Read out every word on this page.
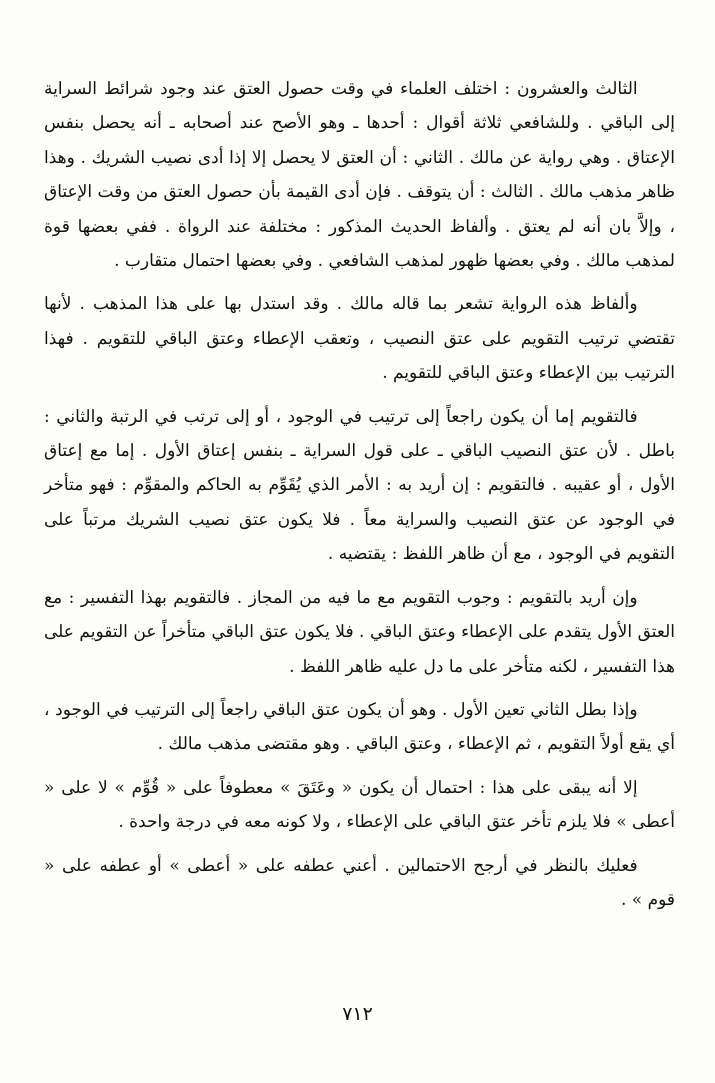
الثالث والعشرون : اختلف العلماء في وقت حصول العتق عند وجود شرائط السراية إلى الباقي . وللشافعي ثلاثة أقوال : أحدها ـ وهو الأصح عند أصحابه ـ أنه يحصل بنفس الإعتاق . وهي رواية عن مالك . الثاني : أن العتق لا يحصل إلا إذا أدى نصيب الشريك . وهذا ظاهر مذهب مالك . الثالث : أن يتوقف . فإن أدى القيمة بأن حصول العتق من وقت الإعتاق ، وإلاَّ بان أنه لم يعتق . وألفاظ الحديث المذكور : مختلفة عند الرواة . ففي بعضها قوة لمذهب مالك . وفي بعضها ظهور لمذهب الشافعي . وفي بعضها احتمال متقارب .

وألفاظ هذه الرواية تشعر بما قاله مالك . وقد استدل بها على هذا المذهب . لأنها تقتضي ترتيب التقويم على عتق النصيب ، وتعقب الإعطاء وعتق الباقي للتقويم . فهذا الترتيب بين الإعطاء وعتق الباقي للتقويم .

فالتقويم إما أن يكون راجعاً إلى ترتيب في الوجود ، أو إلى ترتب في الرتبة والثاني : باطل . لأن عتق النصيب الباقي ـ على قول السراية ـ بنفس إعتاق الأول . إما مع إعتاق الأول ، أو عقيبه . فالتقويم : إن أريد به : الأمر الذي يُقَوِّم به الحاكم والمقوِّم : فهو متأخر في الوجود عن عتق النصيب والسراية معاً . فلا يكون عتق نصيب الشريك مرتباً على التقويم في الوجود ، مع أن ظاهر اللفظ : يقتضيه .

وإن أريد بالتقويم : وجوب التقويم مع ما فيه من المجاز . فالتقويم بهذا التفسير : مع العتق الأول يتقدم على الإعطاء وعتق الباقي . فلا يكون عتق الباقي متأخراً عن التقويم على هذا التفسير ، لكنه متأخر على ما دل عليه ظاهر اللفظ .

وإذا بطل الثاني تعين الأول . وهو أن يكون عتق الباقي راجعاً إلى الترتيب في الوجود ، أي يقع أولاً التقويم ، ثم الإعطاء ، وعتق الباقي . وهو مقتضى مذهب مالك .

إلا أنه يبقى على هذا : احتمال أن يكون « وعَتَقَ » معطوفاً على « قُوِّم » لا على « أعطى » فلا يلزم تأخر عتق الباقي على الإعطاء ، ولا كونه معه في درجة واحدة .

فعليك بالنظر في أرجح الاحتمالين . أعني عطفه على « أعطى » أو عطفه على « قوم » .

٧١٢
